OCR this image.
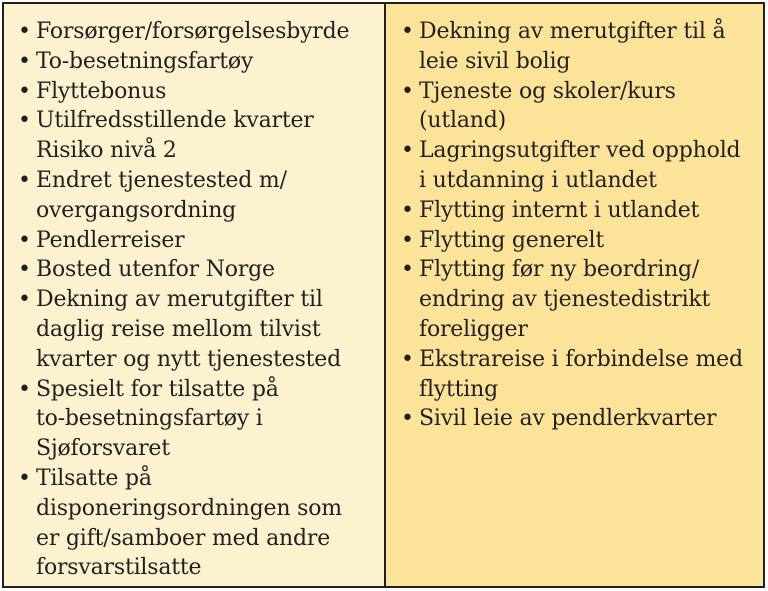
• Forsørger/forsørgelsesbyrde
• To-besetningsfartøy
• Flyttebonus
• Utilfredsstillende kvarter
Risiko nivå 2
• Endret tjenestested m/
overgangsordning
• Pendlerreiser
• Bosted utenfor Norge
• Dekning av merutgifter til
daglig reise mellom tilvist
kvarter og nytt tjenestested
• Spesielt for tilsatte på
to-besetningsfartøy i
Sjøforsvaret
• Tilsatte på
disponeringsordningen som
er gift/samboer med andre
forsvarstilsatte
• Dekning av merutgifter til å
leie sivil bolig
• Tjeneste og skoler/kurs
(utland)
• Lagringsutgifter ved opphold
i utdanning i utlandet
• Flytting internt i utlandet
• Flytting generelt
• Flytting før ny beordring/
endring av tjenestedistrikt
foreligger
• Ekstrareise i forbindelse med
flytting
• Sivil leie av pendlerkvarter
